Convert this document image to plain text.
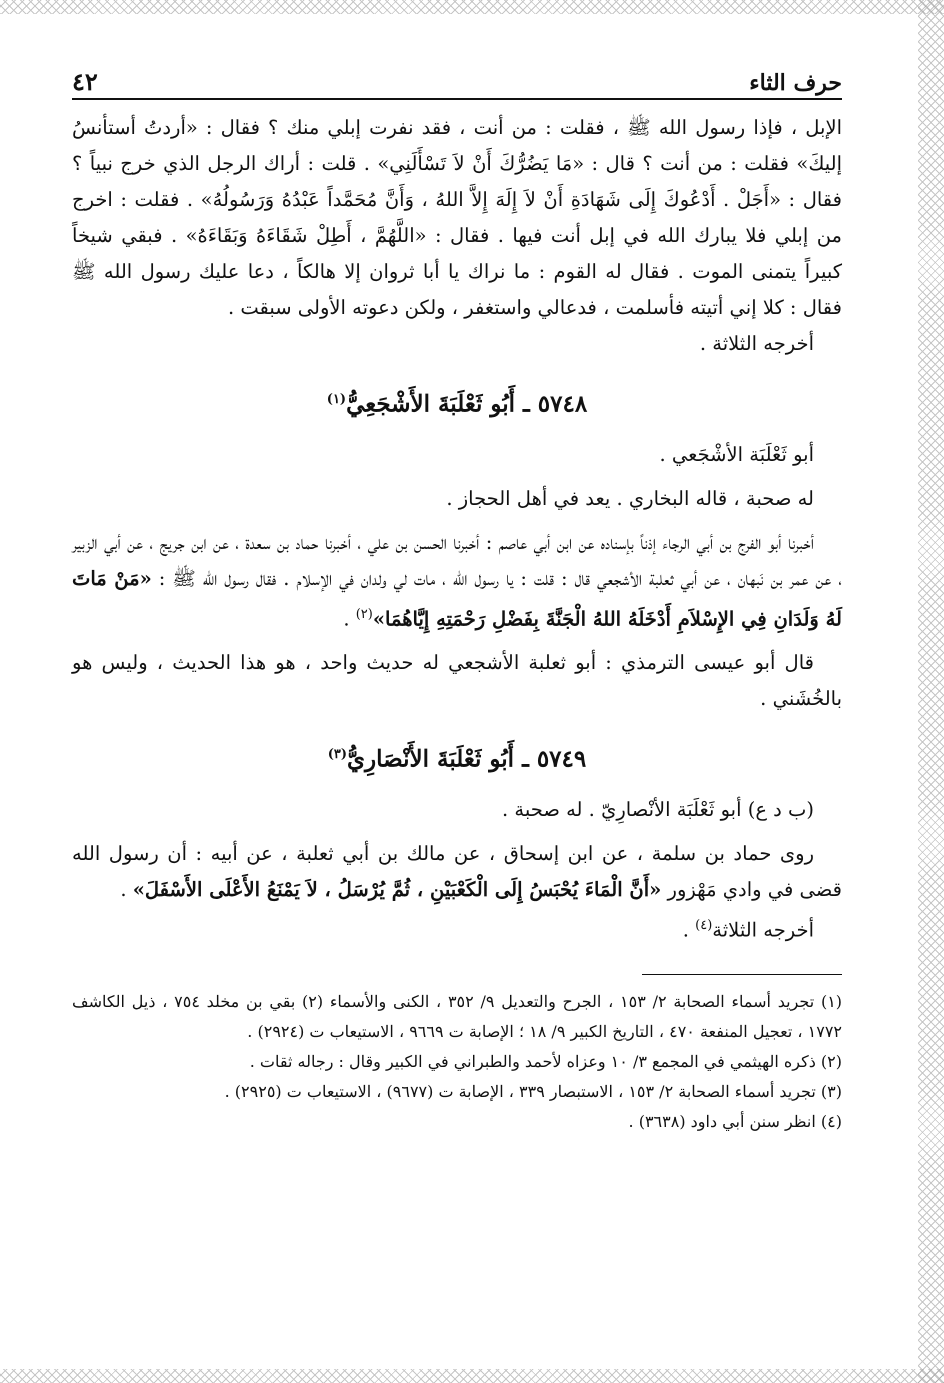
حرف الثاء
٤٢

الإبل ، فإذا رسول الله ﷺ ، فقلت : من أنت ، فقد نفرت إبلي منك ؟ فقال : «أردتُ أستأنسُ إليكَ» فقلت : من أنت ؟ قال : «مَا يَضُرُّكَ أَنْ لاَ تَسْأَلَنِي» . قلت : أراك الرجل الذي خرج نبياً ؟ فقال : «أَجَلْ . أَدْعُوكَ إِلَى شَهَادَةِ أَنْ لاَ إِلَهَ إِلاَّ اللهُ ، وَأَنَّ مُحَمَّداً عَبْدُهُ وَرَسُولُهُ» . فقلت : اخرج من إبلي فلا يبارك الله في إبل أنت فيها . فقال : «اللَّهُمَّ ، أَطِلْ شَقَاءَهُ وَبَقَاءَهُ» . فبقي شيخاً كبيراً يتمنى الموت . فقال له القوم : ما نراك يا أبا ثروان إلا هالكاً ، دعا عليك رسول الله ﷺ فقال : كلا إني أتيته فأسلمت ، فدعالي واستغفر ، ولكن دعوته الأولى سبقت .

أخرجه الثلاثة .

٥٧٤٨ ـ أَبُو ثَعْلَبَةَ الأَشْجَعِيُّ$^{(١)}$

أبو ثَعْلَبَة الأشْجَعي .

له صحبة ، قاله البخاري . يعد في أهل الحجاز .

أخبرنا أبو الفرج بن أبي الرجاء إذناً بإسناده عن ابن أبي عاصم : أخبرنا الحسن بن علي ، أخبرنا حماد بن سعدة ، عن ابن جريج ، عن أبي الزبير ، عن عمر بن نَبهان ، عن أبي ثعلبة الأشجعي قال : قلت : يا رسول الله ، مات لي ولدان في الإسلام . فقال رسول الله ﷺ : «مَنْ مَاتَ لَهُ وَلَدَانِ فِي الإِسْلاَمِ أَدْخَلَهُ اللهُ الْجَنَّةَ بِفَضْلِ رَحْمَتِهِ إِيَّاهُمَا»$^{(٢)}$ .

قال أبو عيسى الترمذي : أبو ثعلبة الأشجعي له حديث واحد ، هو هذا الحديث ، وليس هو بالخُشَني .

٥٧٤٩ ـ أَبُو ثَعْلَبَةَ الأَنْصَارِيُّ$^{(٣)}$

(ب د ع) أبو ثَعْلَبَة الأنْصارِيّ . له صحبة .

روى حماد بن سلمة ، عن ابن إسحاق ، عن مالك بن أبي ثعلبة ، عن أبيه : أن رسول الله قضى في وادي مَهْزور «أَنَّ الْمَاءَ يُحْبَسُ إِلَى الْكَعْبَيْنِ ، ثُمَّ يُرْسَلُ ، لاَ يَمْنَعُ الأَعْلَى الأَسْفَلَ» .

أخرجه الثلاثة$^{(٤)}$ .

(١) تجريد أسماء الصحابة ٢/ ١٥٣ ، الجرح والتعديل ٩/ ٣٥٢ ، الكنى والأسماء (٢) بقي بن مخلد ٧٥٤ ، ذيل الكاشف ١٧٧٢ ، تعجيل المنفعة ٤٧٠ ، التاريخ الكبير ٩/ ١٨ ؛ الإصابة ت ٩٦٦٩ ، الاستيعاب ت (٢٩٢٤) .

(٢) ذكره الهيثمي في المجمع ٣/ ١٠ وعزاه لأحمد والطبراني في الكبير وقال : رجاله ثقات .

(٣) تجريد أسماء الصحابة ٢/ ١٥٣ ، الاستبصار ٣٣٩ ، الإصابة ت (٩٦٧٧) ، الاستيعاب ت (٢٩٢٥) .

(٤) انظر سنن أبي داود (٣٦٣٨) .
